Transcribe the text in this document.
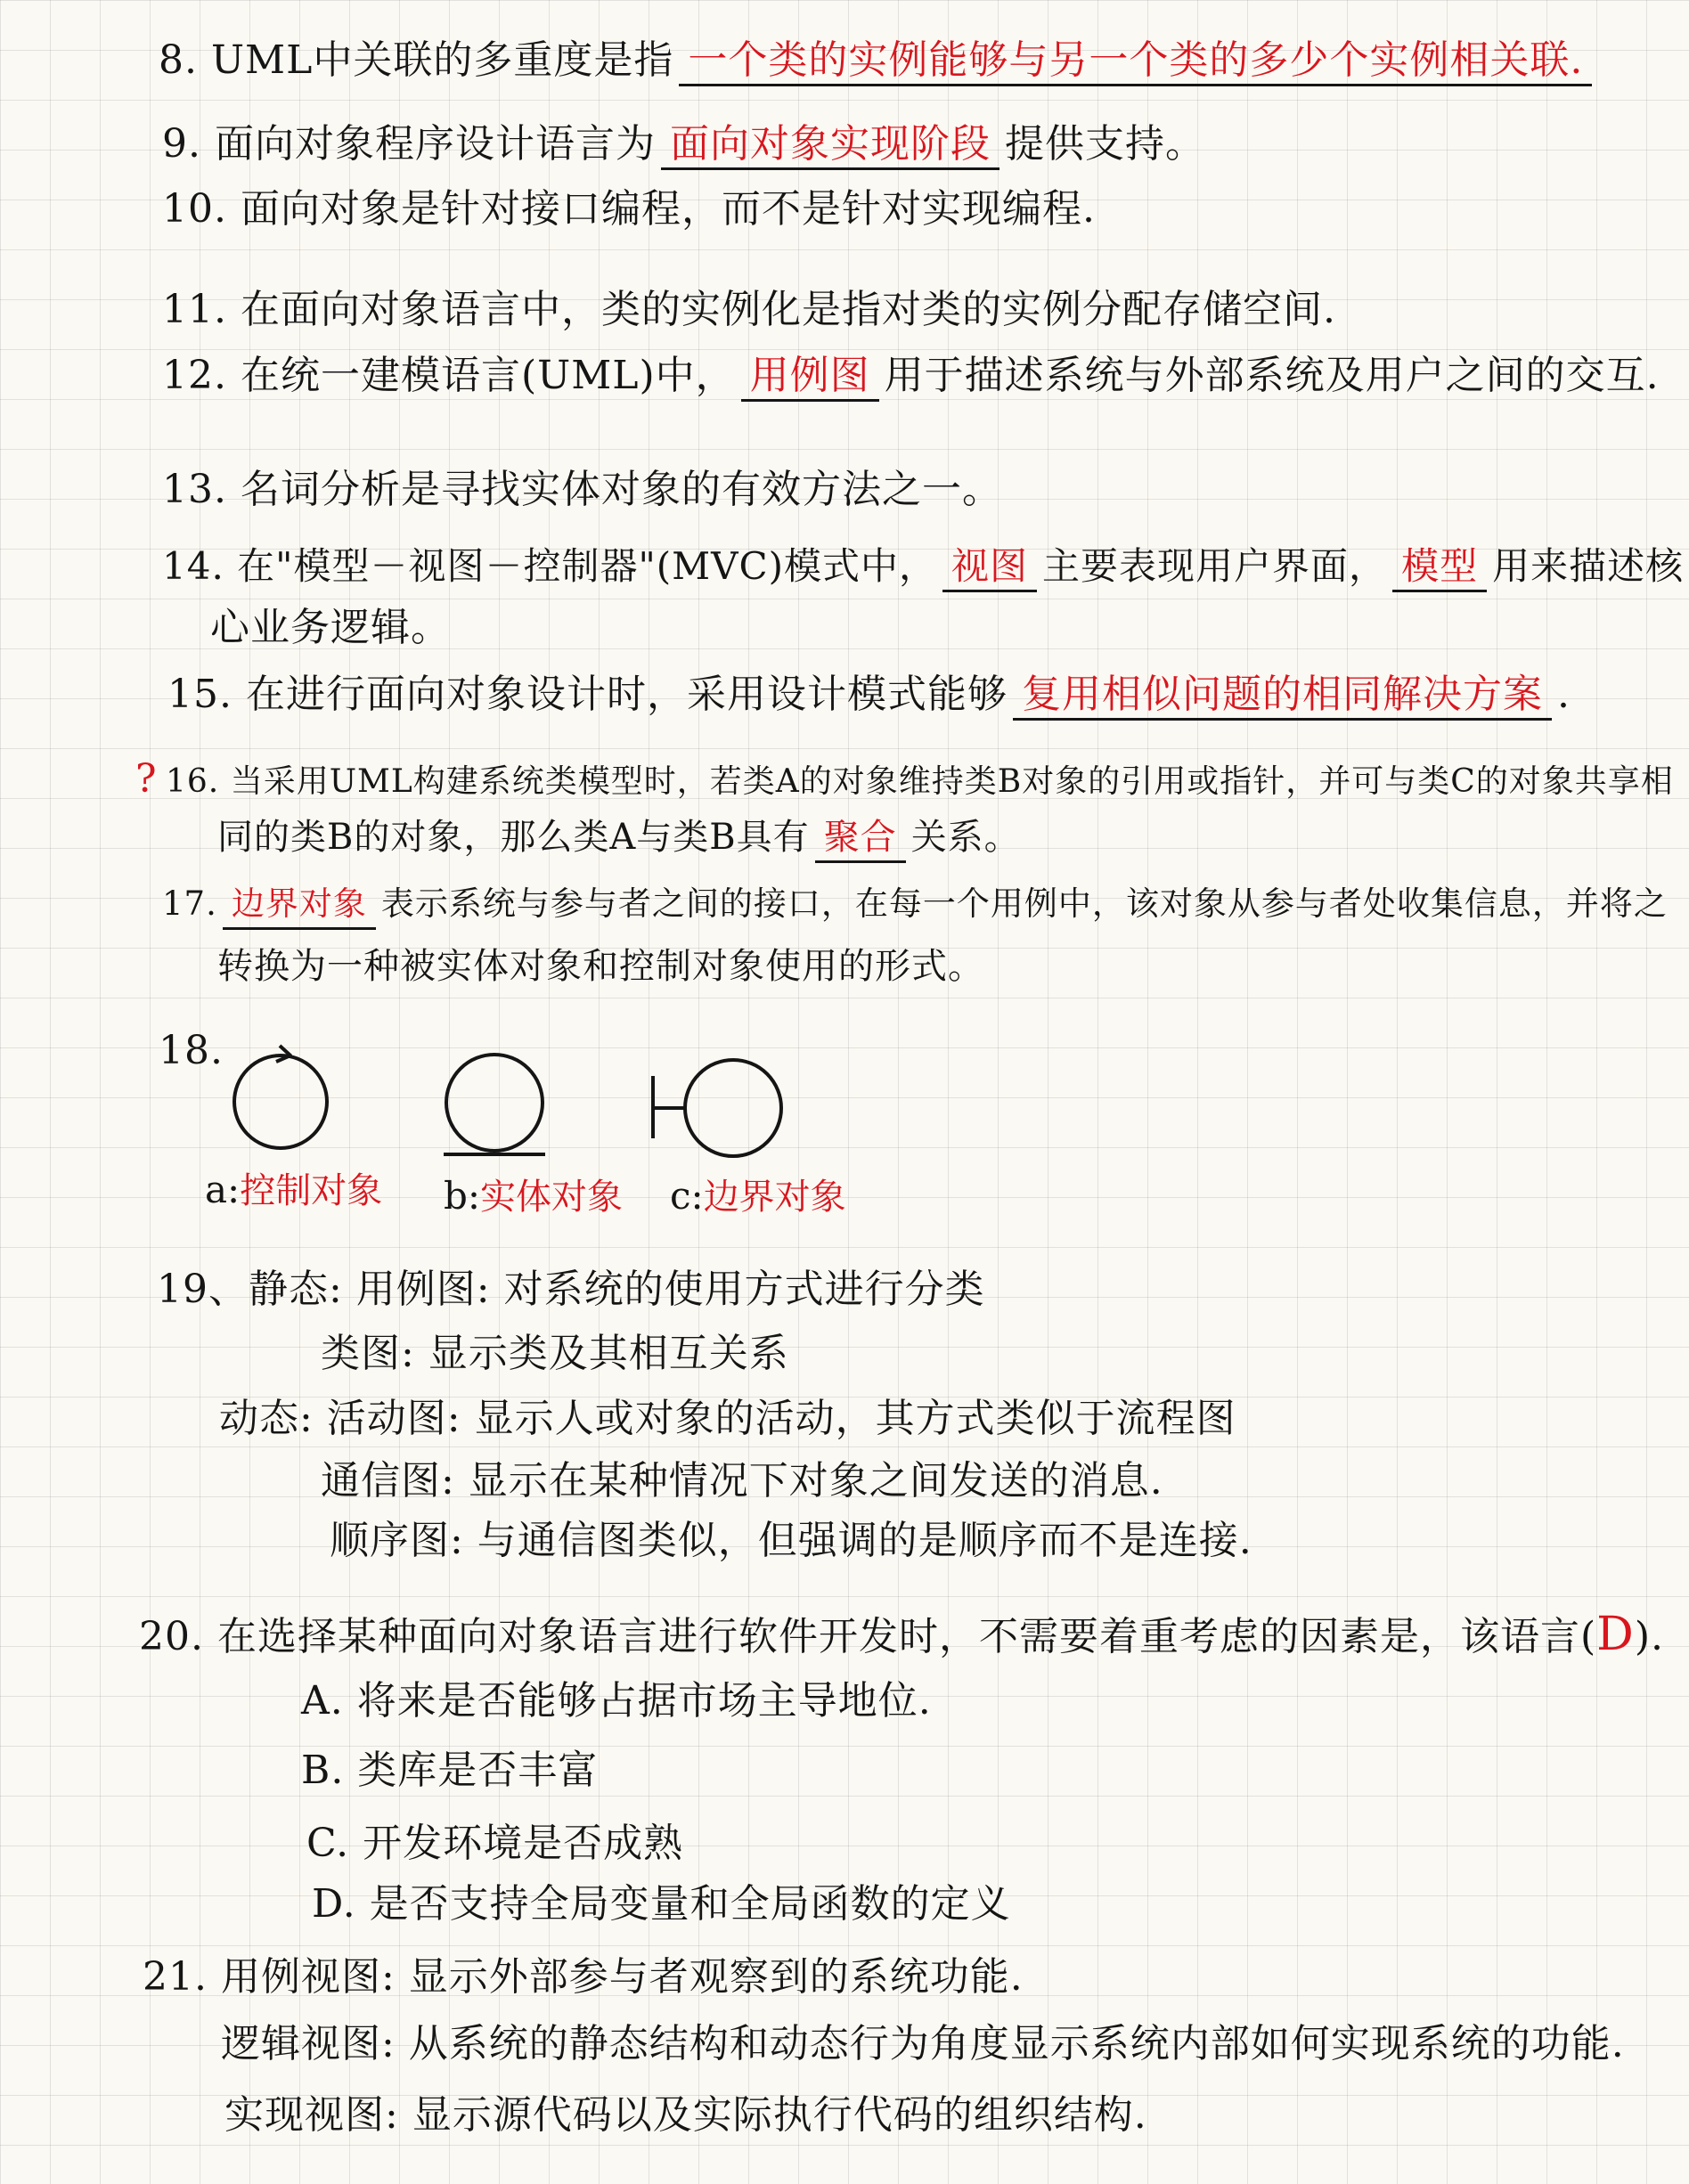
8. UML中关联的多重度是指 一个类的实例能够与另一个类的多少个实例相关联.
9. 面向对象程序设计语言为 面向对象实现阶段 提供支持。
10. 面向对象是针对接口编程，而不是针对实现编程.
11. 在面向对象语言中，类的实例化是指对类的实例分配存储空间.
12. 在统一建模语言(UML)中， 用例图 用于描述系统与外部系统及用户之间的交互.
13. 名词分析是寻找实体对象的有效方法之一。
14. 在"模型－视图－控制器"(MVC)模式中， 视图 主要表现用户界面， 模型 用来描述核
心业务逻辑。
15. 在进行面向对象设计时，采用设计模式能够 复用相似问题的相同解决方案 .
? 16. 当采用UML构建系统类模型时，若类A的对象维持类B对象的引用或指针，并可与类C的对象共享相
同的类B的对象，那么类A与类B具有 聚合 关系。
17. 边界对象 表示系统与参与者之间的接口，在每一个用例中，该对象从参与者处收集信息，并将之
转换为一种被实体对象和控制对象使用的形式。
18.
a:控制对象 b:实体对象 c:边界对象
19、静态: 用例图: 对系统的使用方式进行分类
类图: 显示类及其相互关系
动态: 活动图: 显示人或对象的活动，其方式类似于流程图
通信图: 显示在某种情况下对象之间发送的消息.
顺序图: 与通信图类似，但强调的是顺序而不是连接.
20. 在选择某种面向对象语言进行软件开发时，不需要着重考虑的因素是，该语言(D).
A. 将来是否能够占据市场主导地位.
B. 类库是否丰富
C. 开发环境是否成熟
D. 是否支持全局变量和全局函数的定义
21. 用例视图: 显示外部参与者观察到的系统功能.
逻辑视图: 从系统的静态结构和动态行为角度显示系统内部如何实现系统的功能.
实现视图: 显示源代码以及实际执行代码的组织结构.
